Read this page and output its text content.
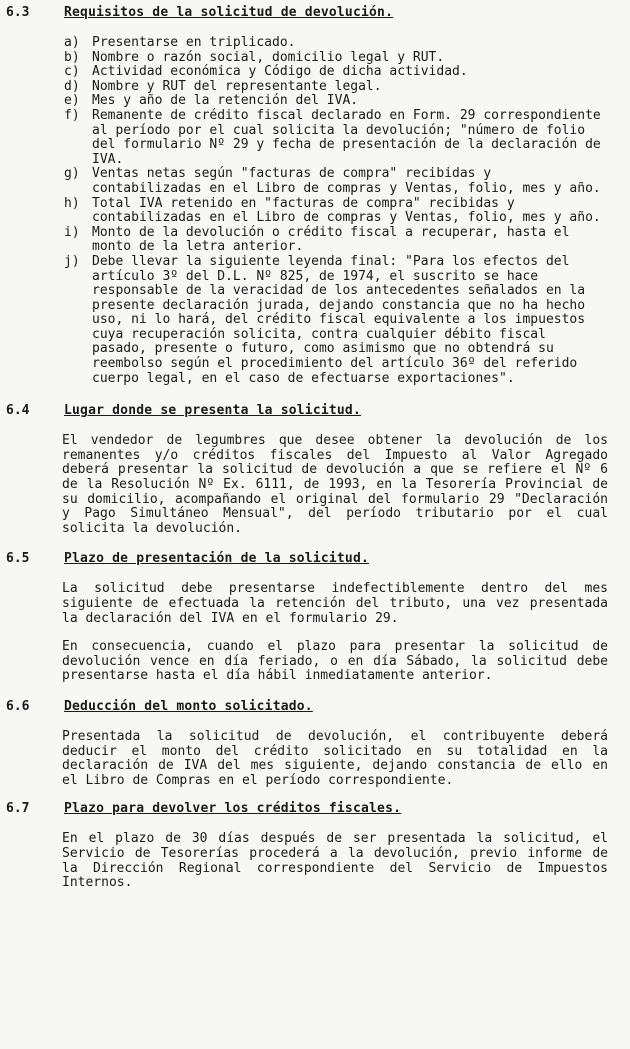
6.3	Requisitos de la solicitud de devolución.
a) Presentarse en triplicado.
b) Nombre o razón social, domicilio legal y RUT.
c) Actividad económica y Código de dicha actividad.
d) Nombre y RUT del representante legal.
e) Mes y año de la retención del IVA.
f) Remanente de crédito fiscal declarado en Form. 29 correspondiente al período por el cual solicita la devolución; "número de folio del formulario Nº 29 y fecha de presentación de la declaración de IVA.
g) Ventas netas según "facturas de compra" recibidas y contabilizadas en el Libro de compras y Ventas, folio, mes y año.
h) Total IVA retenido en "facturas de compra" recibidas y contabilizadas en el Libro de compras y Ventas, folio, mes y año.
i) Monto de la devolución o crédito fiscal a recuperar, hasta el monto de la letra anterior.
j) Debe llevar la siguiente leyenda final: "Para los efectos del artículo 3º del D.L. Nº 825, de 1974, el suscrito se hace responsable de la veracidad de los antecedentes señalados en la presente declaración jurada, dejando constancia que no ha hecho uso, ni lo hará, del crédito fiscal equivalente a los impuestos cuya recuperación solicita, contra cualquier débito fiscal pasado, presente o futuro, como asimismo que no obtendrá su reembolso según el procedimiento del artículo 36º del referido cuerpo legal, en el caso de efectuarse exportaciones".
6.4	Lugar donde se presenta la solicitud.

El vendedor de legumbres que desee obtener la devolución de los remanentes y/o créditos fiscales del Impuesto al Valor Agregado deberá presentar la solicitud de devolución a que se refiere el Nº 6 de la Resolución Nº Ex. 6111, de 1993, en la Tesorería Provincial de su domicilio, acompañando el original del formulario 29 "Declaración y Pago Simultáneo Mensual", del período tributario por el cual solicita la devolución.

6.5	Plazo de presentación de la solicitud.

La solicitud debe presentarse indefectiblemente dentro del mes siguiente de efectuada la retención del tributo, una vez presentada la declaración del IVA en el formulario 29.

En consecuencia, cuando el plazo para presentar la solicitud de devolución vence en día feriado, o en día Sábado, la solicitud debe presentarse hasta el día hábil inmediatamente anterior.

6.6	Deducción del monto solicitado.

Presentada la solicitud de devolución, el contribuyente deberá deducir el monto del crédito solicitado en su totalidad en la declaración de IVA del mes siguiente, dejando constancia de ello en el Libro de Compras en el período correspondiente.

6.7	Plazo para devolver los créditos fiscales.

En el plazo de 30 días después de ser presentada la solicitud, el Servicio de Tesorerías procederá a la devolución, previo informe de la Dirección Regional correspondiente del Servicio de Impuestos Internos.
